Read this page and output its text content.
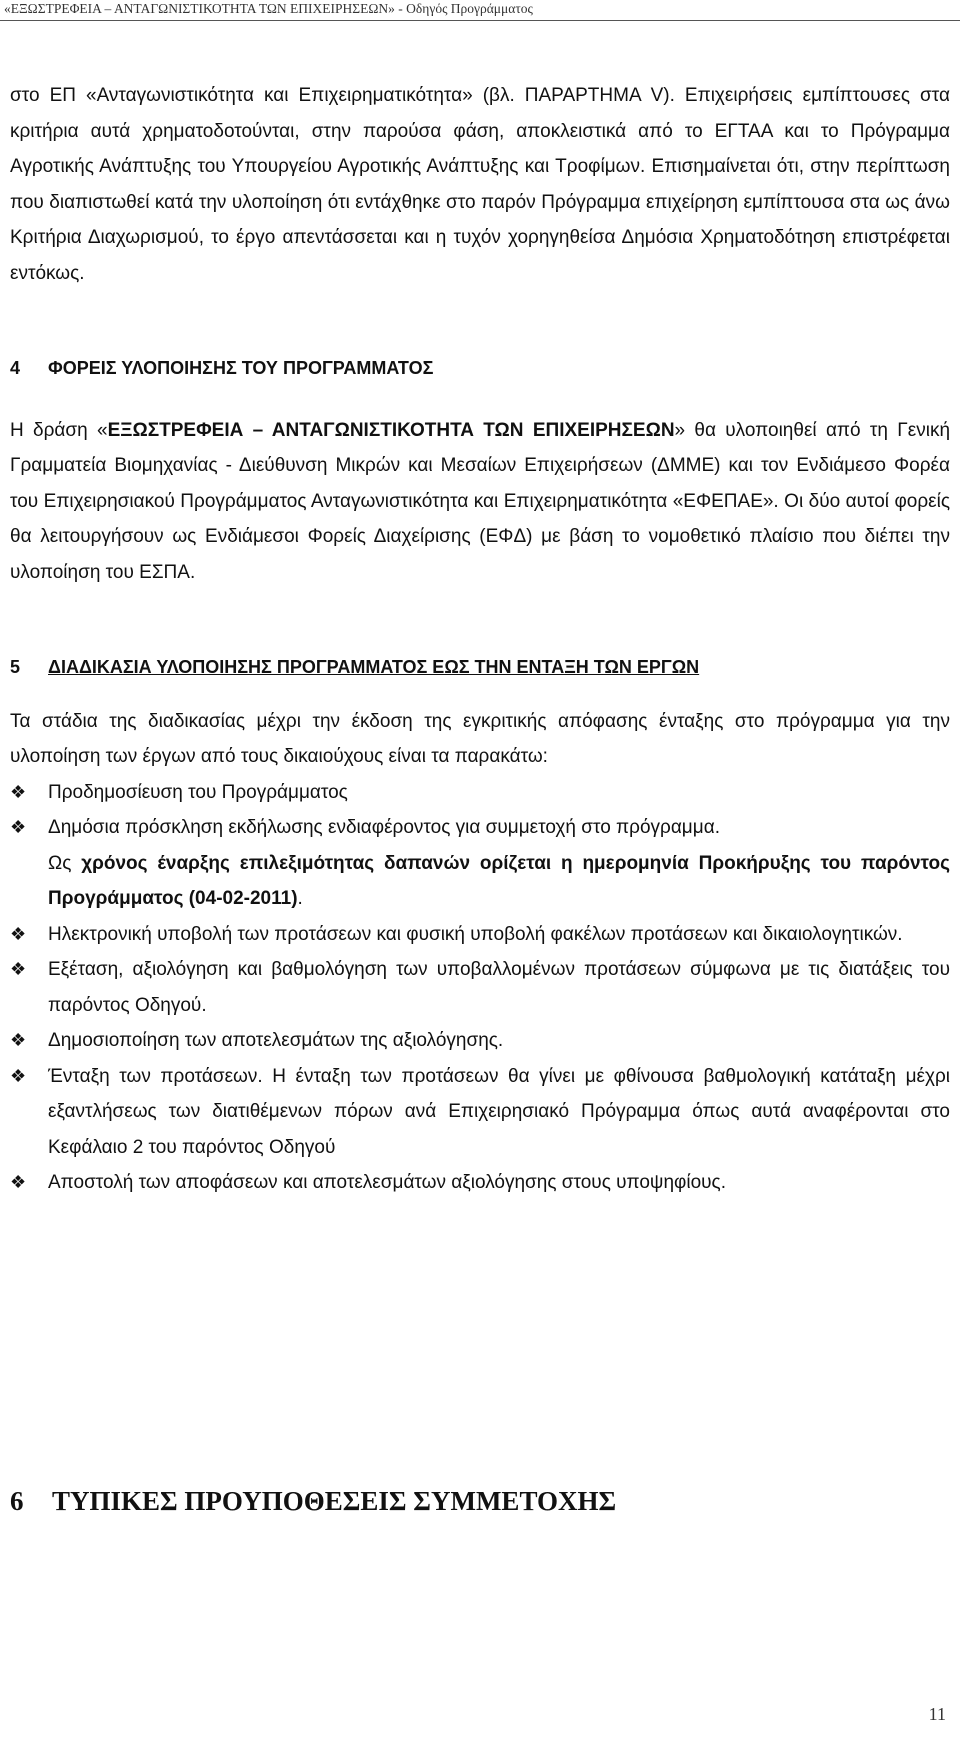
«ΕΞΩΣΤΡΕΦΕΙΑ – ΑΝΤΑΓΩΝΙΣΤΙΚΟΤΗΤΑ ΤΩΝ ΕΠΙΧΕΙΡΗΣΕΩΝ» - Οδηγός Προγράμματος

στο ΕΠ «Ανταγωνιστικότητα και Επιχειρηματικότητα» (βλ. ΠΑΡΑΡΤΗΜΑ V). Επιχειρήσεις εμπίπτουσες στα κριτήρια αυτά χρηματοδοτούνται, στην παρούσα φάση, αποκλειστικά από το ΕΓΤΑΑ και το Πρόγραμμα Αγροτικής Ανάπτυξης του Υπουργείου Αγροτικής Ανάπτυξης και Τροφίμων. Επισημαίνεται ότι, στην περίπτωση που διαπιστωθεί κατά την υλοποίηση ότι εντάχθηκε στο παρόν Πρόγραμμα επιχείρηση εμπίπτουσα στα ως άνω Κριτήρια Διαχωρισμού, το έργο απεντάσσεται και η τυχόν χορηγηθείσα Δημόσια Χρηματοδότηση επιστρέφεται εντόκως.

4 ΦΟΡΕΙΣ ΥΛΟΠΟΙΗΣΗΣ ΤΟΥ ΠΡΟΓΡΑΜΜΑΤΟΣ

Η δράση «ΕΞΩΣΤΡΕΦΕΙΑ – ΑΝΤΑΓΩΝΙΣΤΙΚΟΤΗΤΑ ΤΩΝ ΕΠΙΧΕΙΡΗΣΕΩΝ» θα υλοποιηθεί από τη Γενική Γραμματεία Βιομηχανίας - Διεύθυνση Μικρών και Μεσαίων Επιχειρήσεων (ΔΜΜΕ) και τον Ενδιάμεσο Φορέα του Επιχειρησιακού Προγράμματος Ανταγωνιστικότητα και Επιχειρηματικότητα «ΕΦΕΠΑΕ». Οι δύο αυτοί φορείς θα λειτουργήσουν ως Ενδιάμεσοι Φορείς Διαχείρισης (ΕΦΔ) με βάση το νομοθετικό πλαίσιο που διέπει την υλοποίηση του ΕΣΠΑ.

5 ΔΙΑΔΙΚΑΣΙΑ ΥΛΟΠΟΙΗΣΗΣ ΠΡΟΓΡΑΜΜΑΤΟΣ ΕΩΣ ΤΗΝ ΕΝΤΑΞΗ ΤΩΝ ΕΡΓΩΝ

Τα στάδια της διαδικασίας μέχρι την έκδοση της εγκριτικής απόφασης ένταξης στο πρόγραμμα για την υλοποίηση των έργων από τους δικαιούχους είναι τα παρακάτω:

❖ Προδημοσίευση του Προγράμματος
❖ Δημόσια πρόσκληση εκδήλωσης ενδιαφέροντος για συμμετοχή στο πρόγραμμα.
Ως χρόνος έναρξης επιλεξιμότητας δαπανών ορίζεται η ημερομηνία Προκήρυξης του παρόντος Προγράμματος (04-02-2011).
❖ Ηλεκτρονική υποβολή των προτάσεων και φυσική υποβολή φακέλων προτάσεων και δικαιολογητικών.
❖ Εξέταση, αξιολόγηση και βαθμολόγηση των υποβαλλομένων προτάσεων σύμφωνα με τις διατάξεις του παρόντος Οδηγού.
❖ Δημοσιοποίηση των αποτελεσμάτων της αξιολόγησης.
❖ Ένταξη των προτάσεων. Η ένταξη των προτάσεων θα γίνει με φθίνουσα βαθμολογική κατάταξη μέχρι εξαντλήσεως των διατιθέμενων πόρων ανά Επιχειρησιακό Πρόγραμμα όπως αυτά αναφέρονται στο Κεφάλαιο 2 του παρόντος Οδηγού
❖ Αποστολή των αποφάσεων και αποτελεσμάτων αξιολόγησης στους υποψηφίους.
6 ΤΥΠΙΚΕΣ ΠΡΟΥΠΟΘΕΣΕΙΣ ΣΥΜΜΕΤΟΧΗΣ
11
